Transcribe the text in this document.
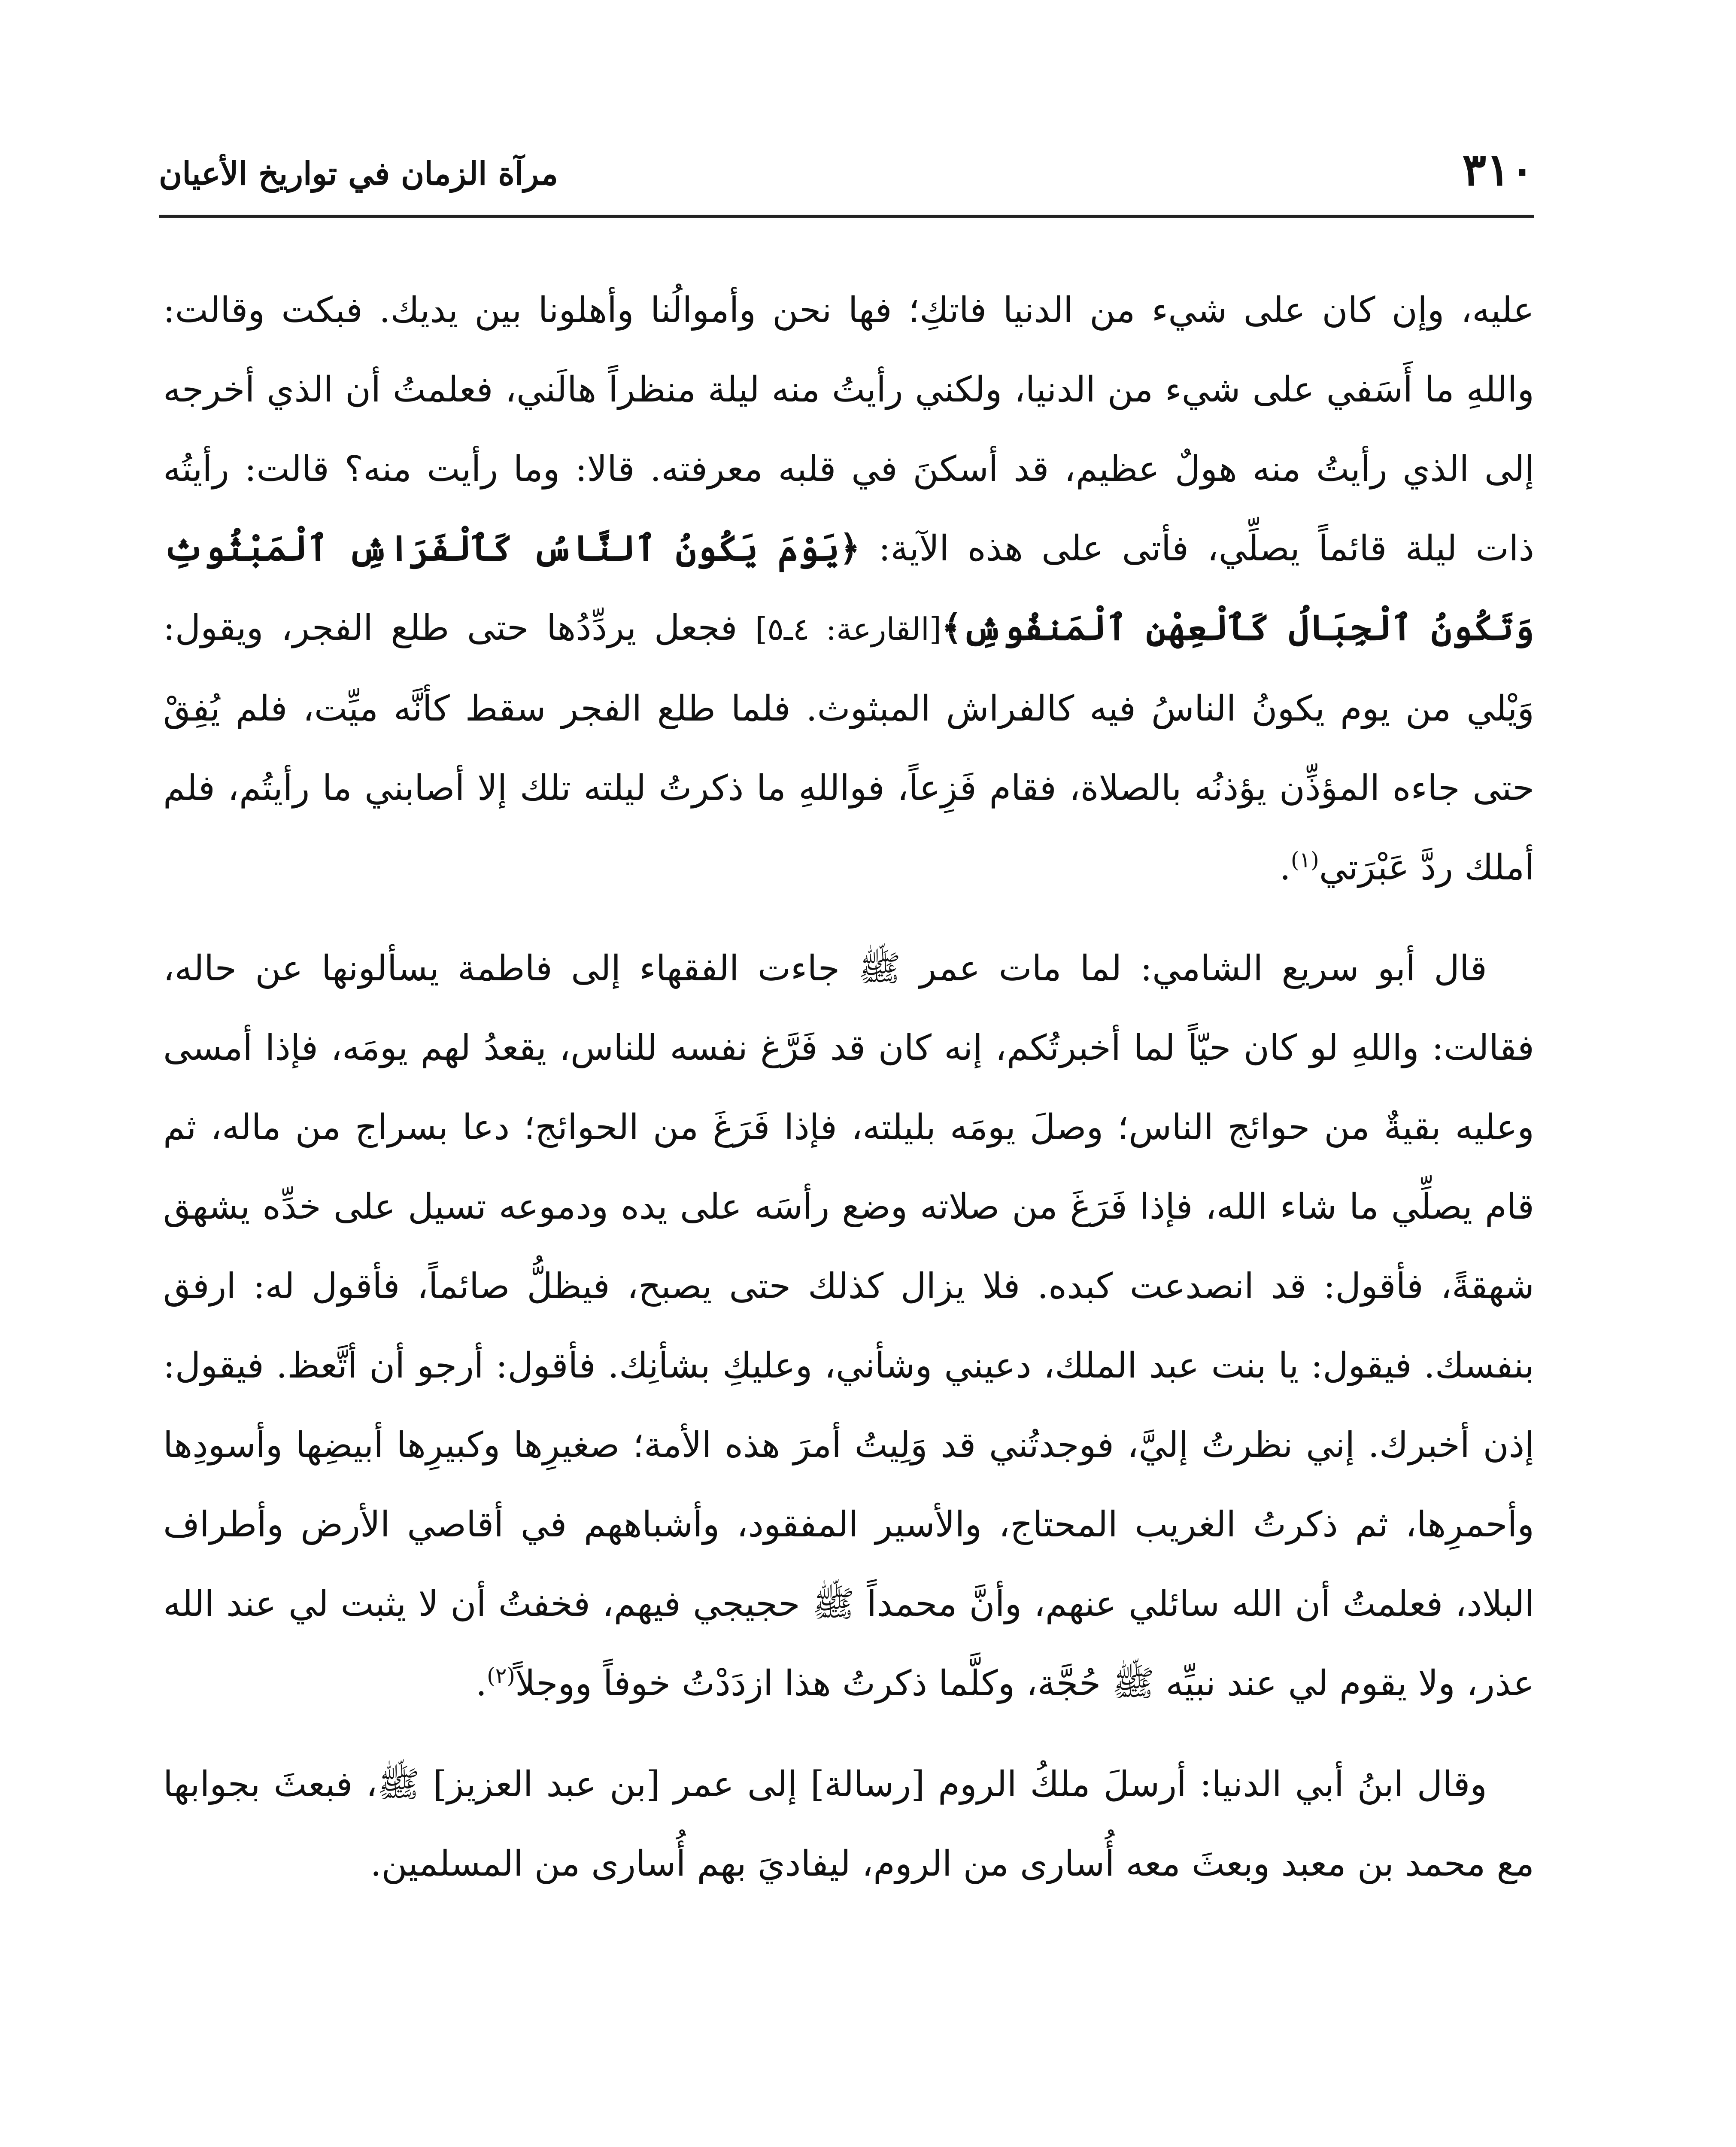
٣١٠
مرآة الزمان في تواريخ الأعيان

عليه، وإن كان على شيء من الدنيا فاتكِ؛ فها نحن وأموالُنا وأهلونا بين يديك. فبكت وقالت: واللهِ ما أَسَفي على شيء من الدنيا، ولكني رأيتُ منه ليلة منظراً هالَني، فعلمتُ أن الذي أخرجه إلى الذي رأيتُ منه هولٌ عظيم، قد أسكنَ في قلبه معرفته. قالا: وما رأيت منه؟ قالت: رأيتُه ذات ليلة قائماً يصلِّي، فأتى على هذه الآية: ﴿يَوْمَ يَكُونُ ٱلنَّاسُ كَٱلْفَرَاشِ ٱلْمَبْثُوثِ وَتَكُونُ ٱلْجِبَالُ كَٱلْعِهْنِ ٱلْمَنفُوشِ﴾[القارعة: ٤ـ٥] فجعل يردِّدُها حتى طلع الفجر، ويقول: وَيْلي من يوم يكونُ الناسُ فيه كالفراش المبثوث. فلما طلع الفجر سقط كأنَّه ميِّت، فلم يُفِقْ حتى جاءه المؤذِّن يؤذنُه بالصلاة، فقام فَزِعاً، فواللهِ ما ذكرتُ ليلته تلك إلا أصابني ما رأيتُم، فلم أملك ردَّ عَبْرَتي$^{(١)}$.

قال أبو سريع الشامي: لما مات عمر ﷺ جاءت الفقهاء إلى فاطمة يسألونها عن حاله، فقالت: واللهِ لو كان حيّاً لما أخبرتُكم، إنه كان قد فَرَّغ نفسه للناس، يقعدُ لهم يومَه، فإذا أمسى وعليه بقيةٌ من حوائج الناس؛ وصلَ يومَه بليلته، فإذا فَرَغَ من الحوائج؛ دعا بسراج من ماله، ثم قام يصلِّي ما شاء الله، فإذا فَرَغَ من صلاته وضع رأسَه على يده ودموعه تسيل على خدِّه يشهق شهقةً، فأقول: قد انصدعت كبده. فلا يزال كذلك حتى يصبح، فيظلُّ صائماً، فأقول له: ارفق بنفسك. فيقول: يا بنت عبد الملك، دعيني وشأني، وعليكِ بشأنِك. فأقول: أرجو أن أتَّعظ. فيقول: إذن أخبرك. إني نظرتُ إليَّ، فوجدتُني قد وَلِيتُ أمرَ هذه الأمة؛ صغيرِها وكبيرِها أبيضِها وأسودِها وأحمرِها، ثم ذكرتُ الغريب المحتاج، والأسير المفقود، وأشباههم في أقاصي الأرض وأطراف البلاد، فعلمتُ أن الله سائلي عنهم، وأنَّ محمداً ﷺ حجيجي فيهم، فخفتُ أن لا يثبت لي عند الله عذر، ولا يقوم لي عند نبيِّه ﷺ حُجَّة، وكلَّما ذكرتُ هذا ازدَدْتُ خوفاً ووجلاً$^{(٢)}$.

وقال ابنُ أبي الدنيا: أرسلَ ملكُ الروم [رسالة] إلى عمر [بن عبد العزيز] ﷺ، فبعثَ بجوابها مع محمد بن معبد وبعثَ معه أُسارى من الروم، ليفاديَ بهم أُسارى من المسلمين.
